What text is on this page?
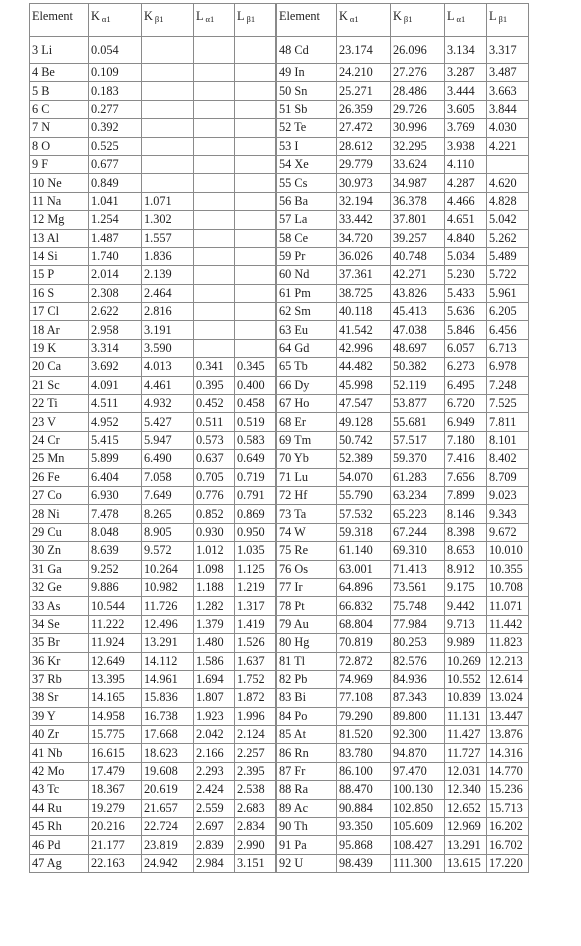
Element	K $_{\alpha 1}$	K $_{\beta 1}$	L $_{\alpha 1}$	L $_{\beta 1}$	Element	K $_{\alpha 1}$	K $_{\beta 1}$	L $_{\alpha 1}$	L $_{\beta 1}$
3 Li	0.054				48 Cd	23.174	26.096	3.134	3.317
4 Be	0.109				49 In	24.210	27.276	3.287	3.487
5 B	0.183				50 Sn	25.271	28.486	3.444	3.663
6 C	0.277				51 Sb	26.359	29.726	3.605	3.844
7 N	0.392				52 Te	27.472	30.996	3.769	4.030
8 O	0.525				53 I	28.612	32.295	3.938	4.221
9 F	0.677				54 Xe	29.779	33.624	4.110	
10 Ne	0.849				55 Cs	30.973	34.987	4.287	4.620
11 Na	1.041	1.071			56 Ba	32.194	36.378	4.466	4.828
12 Mg	1.254	1.302			57 La	33.442	37.801	4.651	5.042
13 Al	1.487	1.557			58 Ce	34.720	39.257	4.840	5.262
14 Si	1.740	1.836			59 Pr	36.026	40.748	5.034	5.489
15 P	2.014	2.139			60 Nd	37.361	42.271	5.230	5.722
16 S	2.308	2.464			61 Pm	38.725	43.826	5.433	5.961
17 Cl	2.622	2.816			62 Sm	40.118	45.413	5.636	6.205
18 Ar	2.958	3.191			63 Eu	41.542	47.038	5.846	6.456
19 K	3.314	3.590			64 Gd	42.996	48.697	6.057	6.713
20 Ca	3.692	4.013	0.341	0.345	65 Tb	44.482	50.382	6.273	6.978
21 Sc	4.091	4.461	0.395	0.400	66 Dy	45.998	52.119	6.495	7.248
22 Ti	4.511	4.932	0.452	0.458	67 Ho	47.547	53.877	6.720	7.525
23 V	4.952	5.427	0.511	0.519	68 Er	49.128	55.681	6.949	7.811
24 Cr	5.415	5.947	0.573	0.583	69 Tm	50.742	57.517	7.180	8.101
25 Mn	5.899	6.490	0.637	0.649	70 Yb	52.389	59.370	7.416	8.402
26 Fe	6.404	7.058	0.705	0.719	71 Lu	54.070	61.283	7.656	8.709
27 Co	6.930	7.649	0.776	0.791	72 Hf	55.790	63.234	7.899	9.023
28 Ni	7.478	8.265	0.852	0.869	73 Ta	57.532	65.223	8.146	9.343
29 Cu	8.048	8.905	0.930	0.950	74 W	59.318	67.244	8.398	9.672
30 Zn	8.639	9.572	1.012	1.035	75 Re	61.140	69.310	8.653	10.010
31 Ga	9.252	10.264	1.098	1.125	76 Os	63.001	71.413	8.912	10.355
32 Ge	9.886	10.982	1.188	1.219	77 Ir	64.896	73.561	9.175	10.708
33 As	10.544	11.726	1.282	1.317	78 Pt	66.832	75.748	9.442	11.071
34 Se	11.222	12.496	1.379	1.419	79 Au	68.804	77.984	9.713	11.442
35 Br	11.924	13.291	1.480	1.526	80 Hg	70.819	80.253	9.989	11.823
36 Kr	12.649	14.112	1.586	1.637	81 Tl	72.872	82.576	10.269	12.213
37 Rb	13.395	14.961	1.694	1.752	82 Pb	74.969	84.936	10.552	12.614
38 Sr	14.165	15.836	1.807	1.872	83 Bi	77.108	87.343	10.839	13.024
39 Y	14.958	16.738	1.923	1.996	84 Po	79.290	89.800	11.131	13.447
40 Zr	15.775	17.668	2.042	2.124	85 At	81.520	92.300	11.427	13.876
41 Nb	16.615	18.623	2.166	2.257	86 Rn	83.780	94.870	11.727	14.316
42 Mo	17.479	19.608	2.293	2.395	87 Fr	86.100	97.470	12.031	14.770
43 Tc	18.367	20.619	2.424	2.538	88 Ra	88.470	100.130	12.340	15.236
44 Ru	19.279	21.657	2.559	2.683	89 Ac	90.884	102.850	12.652	15.713
45 Rh	20.216	22.724	2.697	2.834	90 Th	93.350	105.609	12.969	16.202
46 Pd	21.177	23.819	2.839	2.990	91 Pa	95.868	108.427	13.291	16.702
47 Ag	22.163	24.942	2.984	3.151	92 U	98.439	111.300	13.615	17.220
